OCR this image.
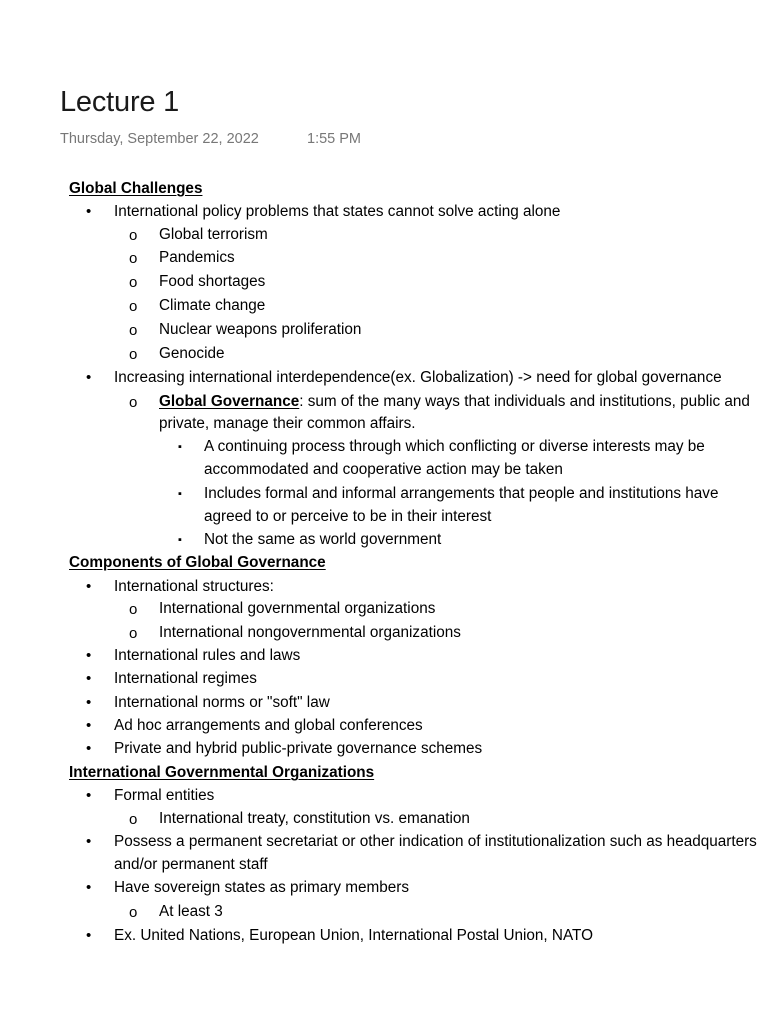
Lecture 1
Thursday, September 22, 2022	1:55 PM
Global Challenges
• International policy problems that states cannot solve acting alone
o Global terrorism
o Pandemics
o Food shortages
o Climate change
o Nuclear weapons proliferation
o Genocide
• Increasing international interdependence(ex. Globalization) -> need for global governance
o Global Governance: sum of the many ways that individuals and institutions, public and
private, manage their common affairs.
▪ A continuing process through which conflicting or diverse interests may be
accommodated and cooperative action may be taken
▪ Includes formal and informal arrangements that people and institutions have
agreed to or perceive to be in their interest
▪ Not the same as world government
Components of Global Governance
• International structures:
o International governmental organizations
o International nongovernmental organizations
• International rules and laws
• International regimes
• International norms or "soft" law
• Ad hoc arrangements and global conferences
• Private and hybrid public-private governance schemes
International Governmental Organizations
• Formal entities
o International treaty, constitution vs. emanation
• Possess a permanent secretariat or other indication of institutionalization such as headquarters
and/or permanent staff
• Have sovereign states as primary members
o At least 3
• Ex. United Nations, European Union, International Postal Union, NATO
